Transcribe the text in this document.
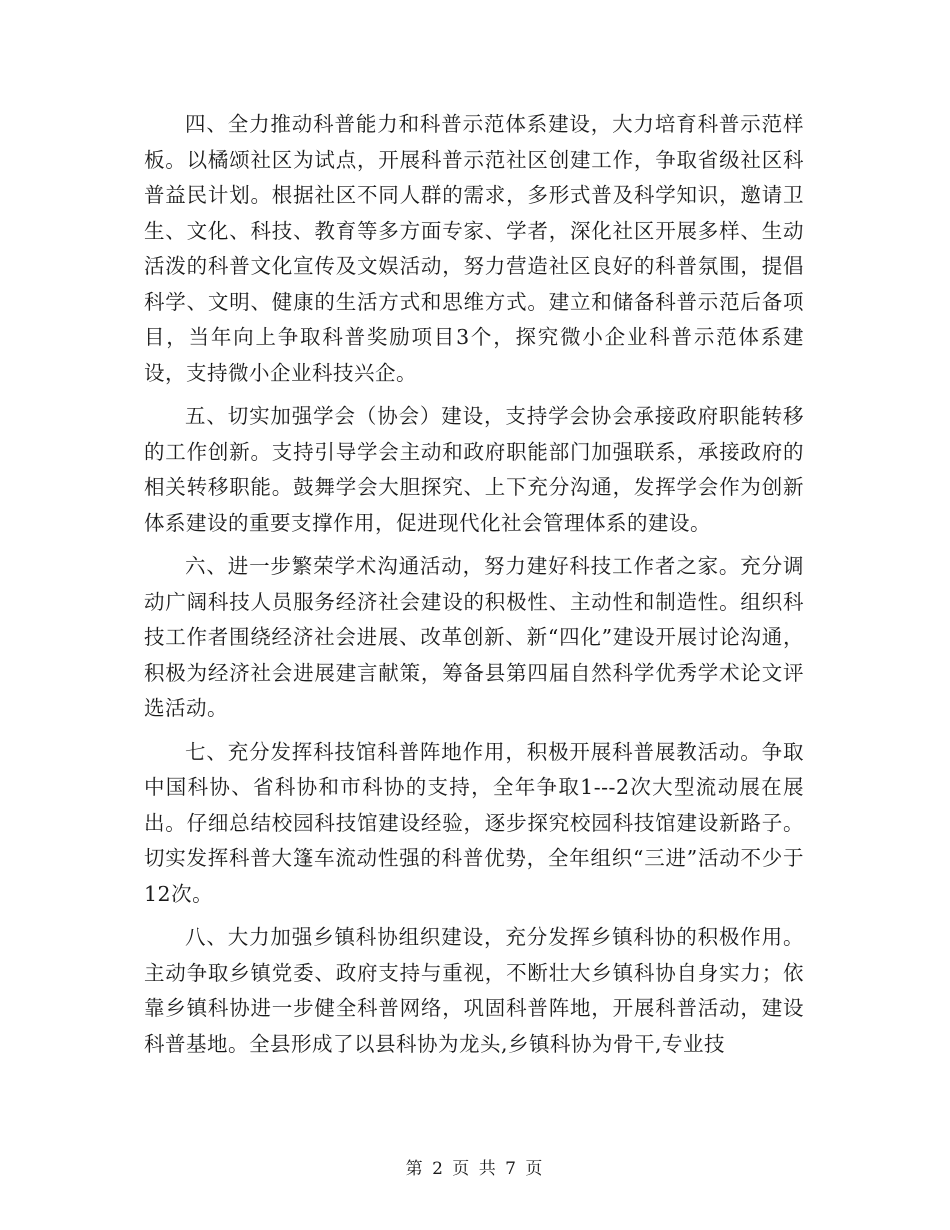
四、全力推动科普能力和科普示范体系建设，大力培育科普示范样板。以橘颂社区为试点，开展科普示范社区创建工作，争取省级社区科普益民计划。根据社区不同人群的需求，多形式普及科学知识，邀请卫生、文化、科技、教育等多方面专家、学者，深化社区开展多样、生动活泼的科普文化宣传及文娱活动，努力营造社区良好的科普氛围，提倡科学、文明、健康的生活方式和思维方式。建立和储备科普示范后备项目，当年向上争取科普奖励项目3个，探究微小企业科普示范体系建设，支持微小企业科技兴企。

五、切实加强学会（协会）建设，支持学会协会承接政府职能转移的工作创新。支持引导学会主动和政府职能部门加强联系，承接政府的相关转移职能。鼓舞学会大胆探究、上下充分沟通，发挥学会作为创新体系建设的重要支撑作用，促进现代化社会管理体系的建设。

六、进一步繁荣学术沟通活动，努力建好科技工作者之家。充分调动广阔科技人员服务经济社会建设的积极性、主动性和制造性。组织科技工作者围绕经济社会进展、改革创新、新“四化”建设开展讨论沟通，积极为经济社会进展建言献策，筹备县第四届自然科学优秀学术论文评选活动。

七、充分发挥科技馆科普阵地作用，积极开展科普展教活动。争取中国科协、省科协和市科协的支持，全年争取1---2次大型流动展在展出。仔细总结校园科技馆建设经验，逐步探究校园科技馆建设新路子。切实发挥科普大篷车流动性强的科普优势，全年组织“三进”活动不少于12次。

八、大力加强乡镇科协组织建设，充分发挥乡镇科协的积极作用。主动争取乡镇党委、政府支持与重视，不断壮大乡镇科协自身实力；依靠乡镇科协进一步健全科普网络，巩固科普阵地，开展科普活动，建设科普基地。全县形成了以县科协为龙头,乡镇科协为骨干,专业技

第 2 页 共 7 页
